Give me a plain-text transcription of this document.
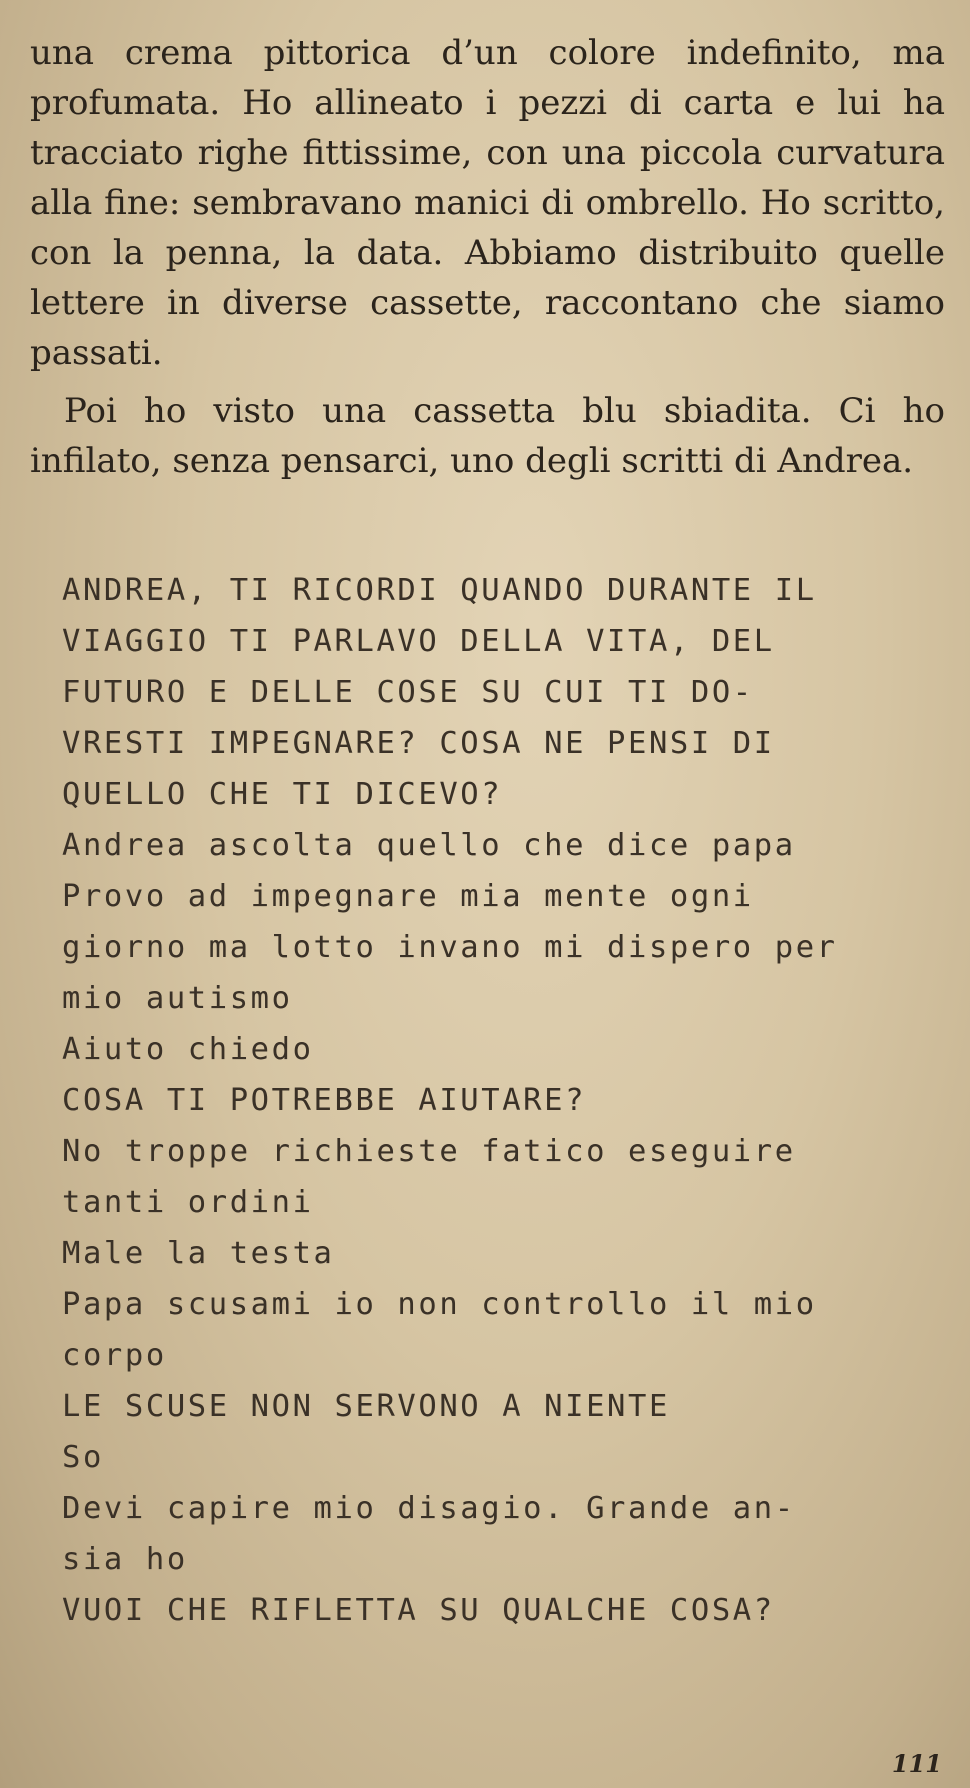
una crema pittorica d’un colore indefinito, ma profumata. Ho allineato i pezzi di carta e lui ha tracciato righe fittissime, con una piccola curvatura alla fine: sembravano manici di ombrello. Ho scritto, con la penna, la data. Abbiamo distribuito quelle lettere in diverse cassette, raccontano che siamo passati.

Poi ho visto una cassetta blu sbiadita. Ci ho infilato, senza pensarci, uno degli scritti di Andrea.

ANDREA, TI RICORDI QUANDO DURANTE IL
VIAGGIO TI PARLAVO DELLA VITA, DEL
FUTURO E DELLE COSE SU CUI TI DO-
VRESTI IMPEGNARE? COSA NE PENSI DI
QUELLO CHE TI DICEVO?
Andrea ascolta quello che dice papa
Provo ad impegnare mia mente ogni
giorno ma lotto invano mi dispero per
mio autismo
Aiuto chiedo
COSA TI POTREBBE AIUTARE?
No troppe richieste fatico eseguire
tanti ordini
Male la testa
Papa scusami io non controllo il mio
corpo
LE SCUSE NON SERVONO A NIENTE
So
Devi capire mio disagio. Grande an-
sia ho
VUOI CHE RIFLETTA SU QUALCHE COSA?
111
